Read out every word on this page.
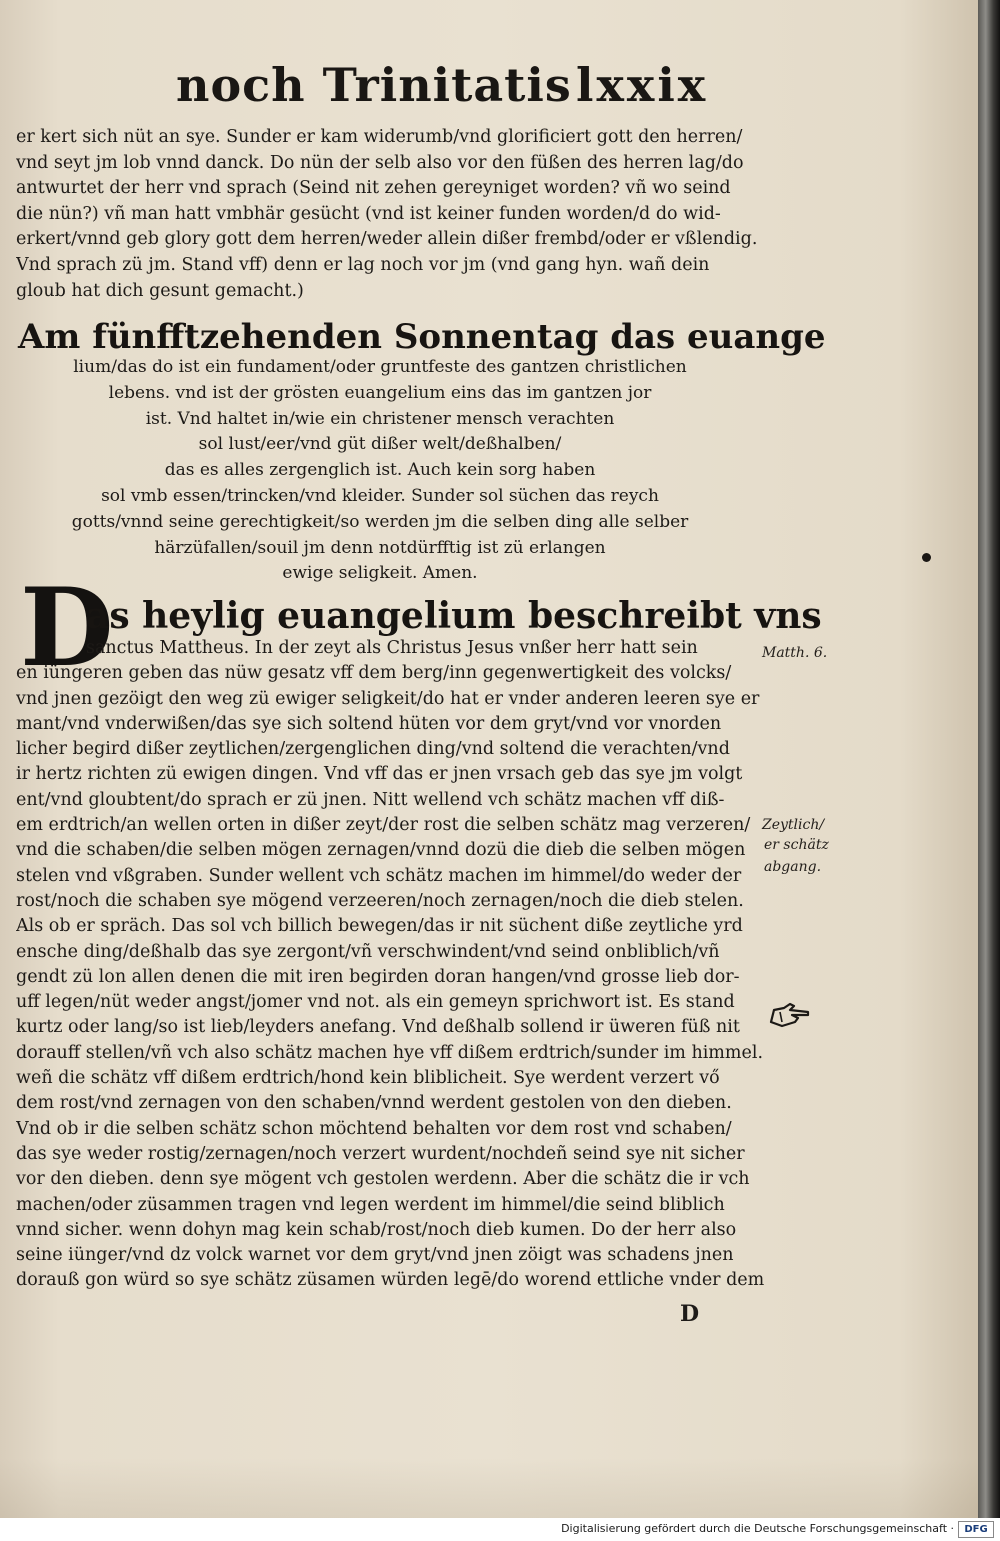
noch Trinitatis lxxix
er kert sich nüt an sye. Sunder er kam widerumb/vnd glorificiert gott den herren/
vnd seyt jm lob vnnd danck. Do nün der selb also vor den füßen des herren lag/do
antwurtet der herr vnd sprach (Seind nit zehen gereyniget worden? vñ wo seind
die nün?) vñ man hatt vmbhär gesücht (vnd ist keiner funden worden/d do wid-
erkert/vnnd geb glory gott dem herren/weder allein dißer frembd/oder er vßlendig.
Vnd sprach zü jm. Stand vff) denn er lag noch vor jm (vnd gang hyn. wañ dein
gloub hat dich gesunt gemacht.)
Am fünfftzehenden Sonnentag das euange
lium/das do ist ein fundament/oder gruntfeste des gantzen christlichen
lebens. vnd ist der grösten euangelium eins das im gantzen jor
ist. Vnd haltet in/wie ein christener mensch verachten
sol lust/eer/vnd güt dißer welt/deßhalben/
das es alles zergenglich ist. Auch kein sorg haben
sol vmb essen/trincken/vnd kleider. Sunder sol süchen das reych
gotts/vnnd seine gerechtigkeit/so werden jm die selben ding alle selber
härzüfallen/souil jm denn notdürfftig ist zü erlangen
ewige seligkeit. Amen.
D
as heylig euangelium beschreibt vns
sanctus Mattheus. In der zeyt als Christus Jesus vnßer herr hatt sein
en iüngeren geben das nüw gesatz vff dem berg/inn gegenwertigkeit des volcks/
vnd jnen gezöigt den weg zü ewiger seligkeit/do hat er vnder anderen leeren sye er
mant/vnd vnderwißen/das sye sich soltend hüten vor dem gryt/vnd vor vnorden
licher begird dißer zeytlichen/zergenglichen ding/vnd soltend die verachten/vnd
ir hertz richten zü ewigen dingen. Vnd vff das er jnen vrsach geb das sye jm volgt
ent/vnd gloubtent/do sprach er zü jnen. Nitt wellend vch schätz machen vff diß-
em erdtrich/an wellen orten in dißer zeyt/der rost die selben schätz mag verzeren/
vnd die schaben/die selben mögen zernagen/vnnd dozü die dieb die selben mögen
stelen vnd vßgraben. Sunder wellent vch schätz machen im himmel/do weder der
rost/noch die schaben sye mögend verzeeren/noch zernagen/noch die dieb stelen.
Als ob er spräch. Das sol vch billich bewegen/das ir nit süchent diße zeytliche yrd
ensche ding/deßhalb das sye zergont/vñ verschwindent/vnd seind onbliblich/vñ
gendt zü lon allen denen die mit iren begirden doran hangen/vnd grosse lieb dor-
uff legen/nüt weder angst/jomer vnd not. als ein gemeyn sprichwort ist. Es stand
kurtz oder lang/so ist lieb/leyders anefang. Vnd deßhalb sollend ir üweren füß nit
dorauff stellen/vñ vch also schätz machen hye vff dißem erdtrich/sunder im himmel.
weñ die schätz vff dißem erdtrich/hond kein bliblicheit. Sye werdent verzert vő
dem rost/vnd zernagen von den schaben/vnnd werdent gestolen von den dieben.
Vnd ob ir die selben schätz schon möchtend behalten vor dem rost vnd schaben/
das sye weder rostig/zernagen/noch verzert wurdent/nochdeñ seind sye nit sicher
vor den dieben. denn sye mögent vch gestolen werdenn. Aber die schätz die ir vch
machen/oder züsammen tragen vnd legen werdent im himmel/die seind bliblich
vnnd sicher. wenn dohyn mag kein schab/rost/noch dieb kumen. Do der herr also
seine iünger/vnd dz volck warnet vor dem gryt/vnd jnen zöigt was schadens jnen
dorauß gon würd so sye schätz züsamen würden legē/do worend ettliche vnder dem
Matth. 6.
Zeytlich/
er schätz
abgang.
D
Digitalisierung gefördert durch die Deutsche Forschungsgemeinschaft ·	DFG
